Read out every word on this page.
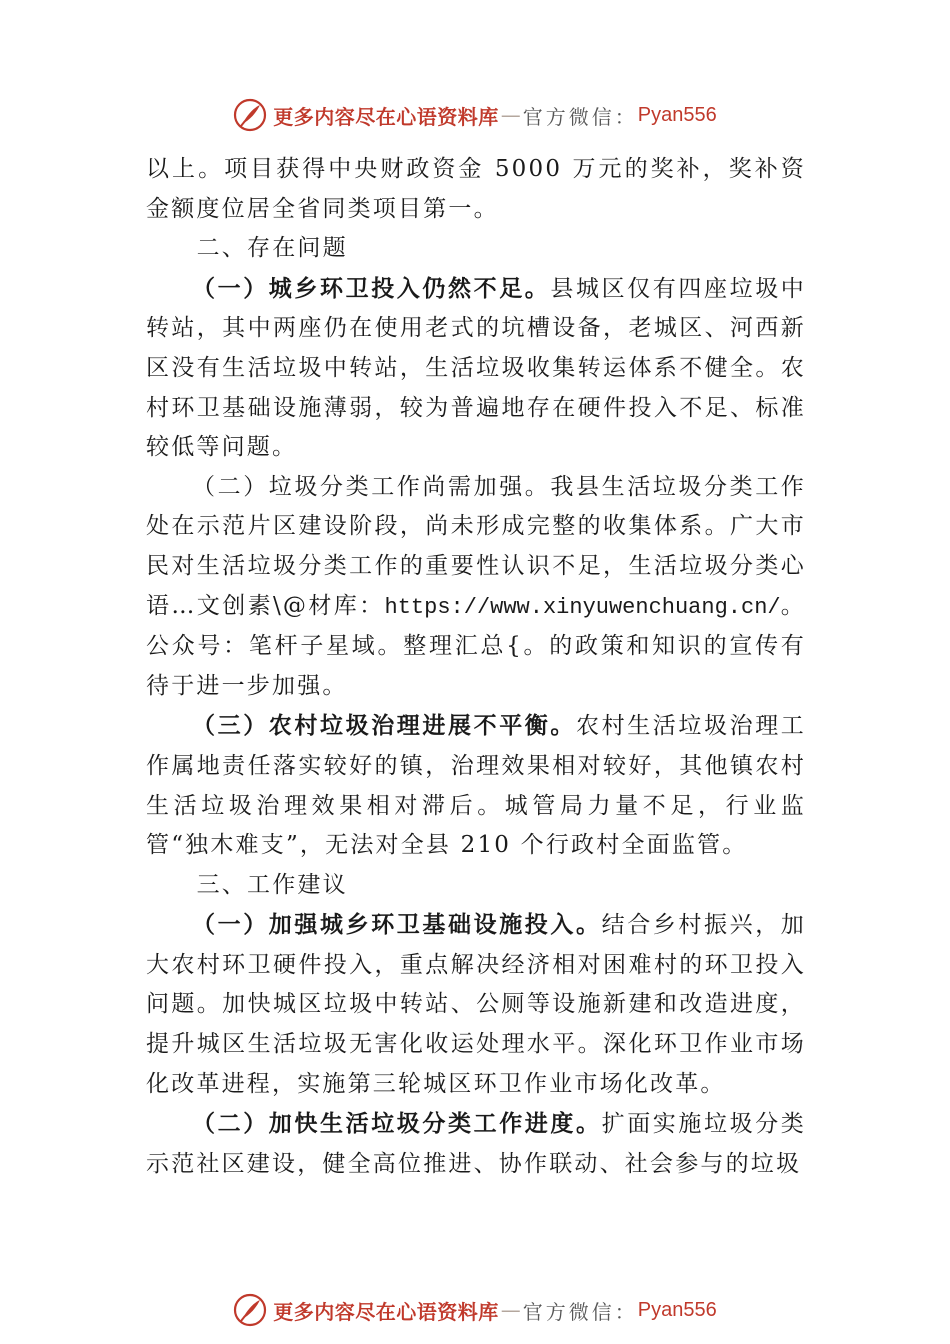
更多内容尽在心语资料库 — 官方微信： Pyan556

以上。项目获得中央财政资金 5000 万元的奖补，奖补资金额度位居全省同类项目第一。

二、存在问题

（一）城乡环卫投入仍然不足。县城区仅有四座垃圾中转站，其中两座仍在使用老式的坑槽设备，老城区、河西新区没有生活垃圾中转站，生活垃圾收集转运体系不健全。农村环卫基础设施薄弱，较为普遍地存在硬件投入不足、标准较低等问题。

（二）垃圾分类工作尚需加强。我县生活垃圾分类工作处在示范片区建设阶段，尚未形成完整的收集体系。广大市民对生活垃圾分类工作的重要性认识不足，生活垃圾分类心语…文创素\@材库：https://www.xinyuwenchuang.cn/。公众号：笔杆子星域。整理汇总{。的政策和知识的宣传有待于进一步加强。

（三）农村垃圾治理进展不平衡。农村生活垃圾治理工作属地责任落实较好的镇，治理效果相对较好，其他镇农村生活垃圾治理效果相对滞后。城管局力量不足，行业监管“独木难支”，无法对全县 210 个行政村全面监管。

三、工作建议

（一）加强城乡环卫基础设施投入。结合乡村振兴，加大农村环卫硬件投入，重点解决经济相对困难村的环卫投入问题。加快城区垃圾中转站、公厕等设施新建和改造进度， 提升城区生活垃圾无害化收运处理水平。深化环卫作业市场化改革进程，实施第三轮城区环卫作业市场化改革。

（二）加快生活垃圾分类工作进度。扩面实施垃圾分类示范社区建设，健全高位推进、协作联动、社会参与的垃圾

更多内容尽在心语资料库 — 官方微信： Pyan556
